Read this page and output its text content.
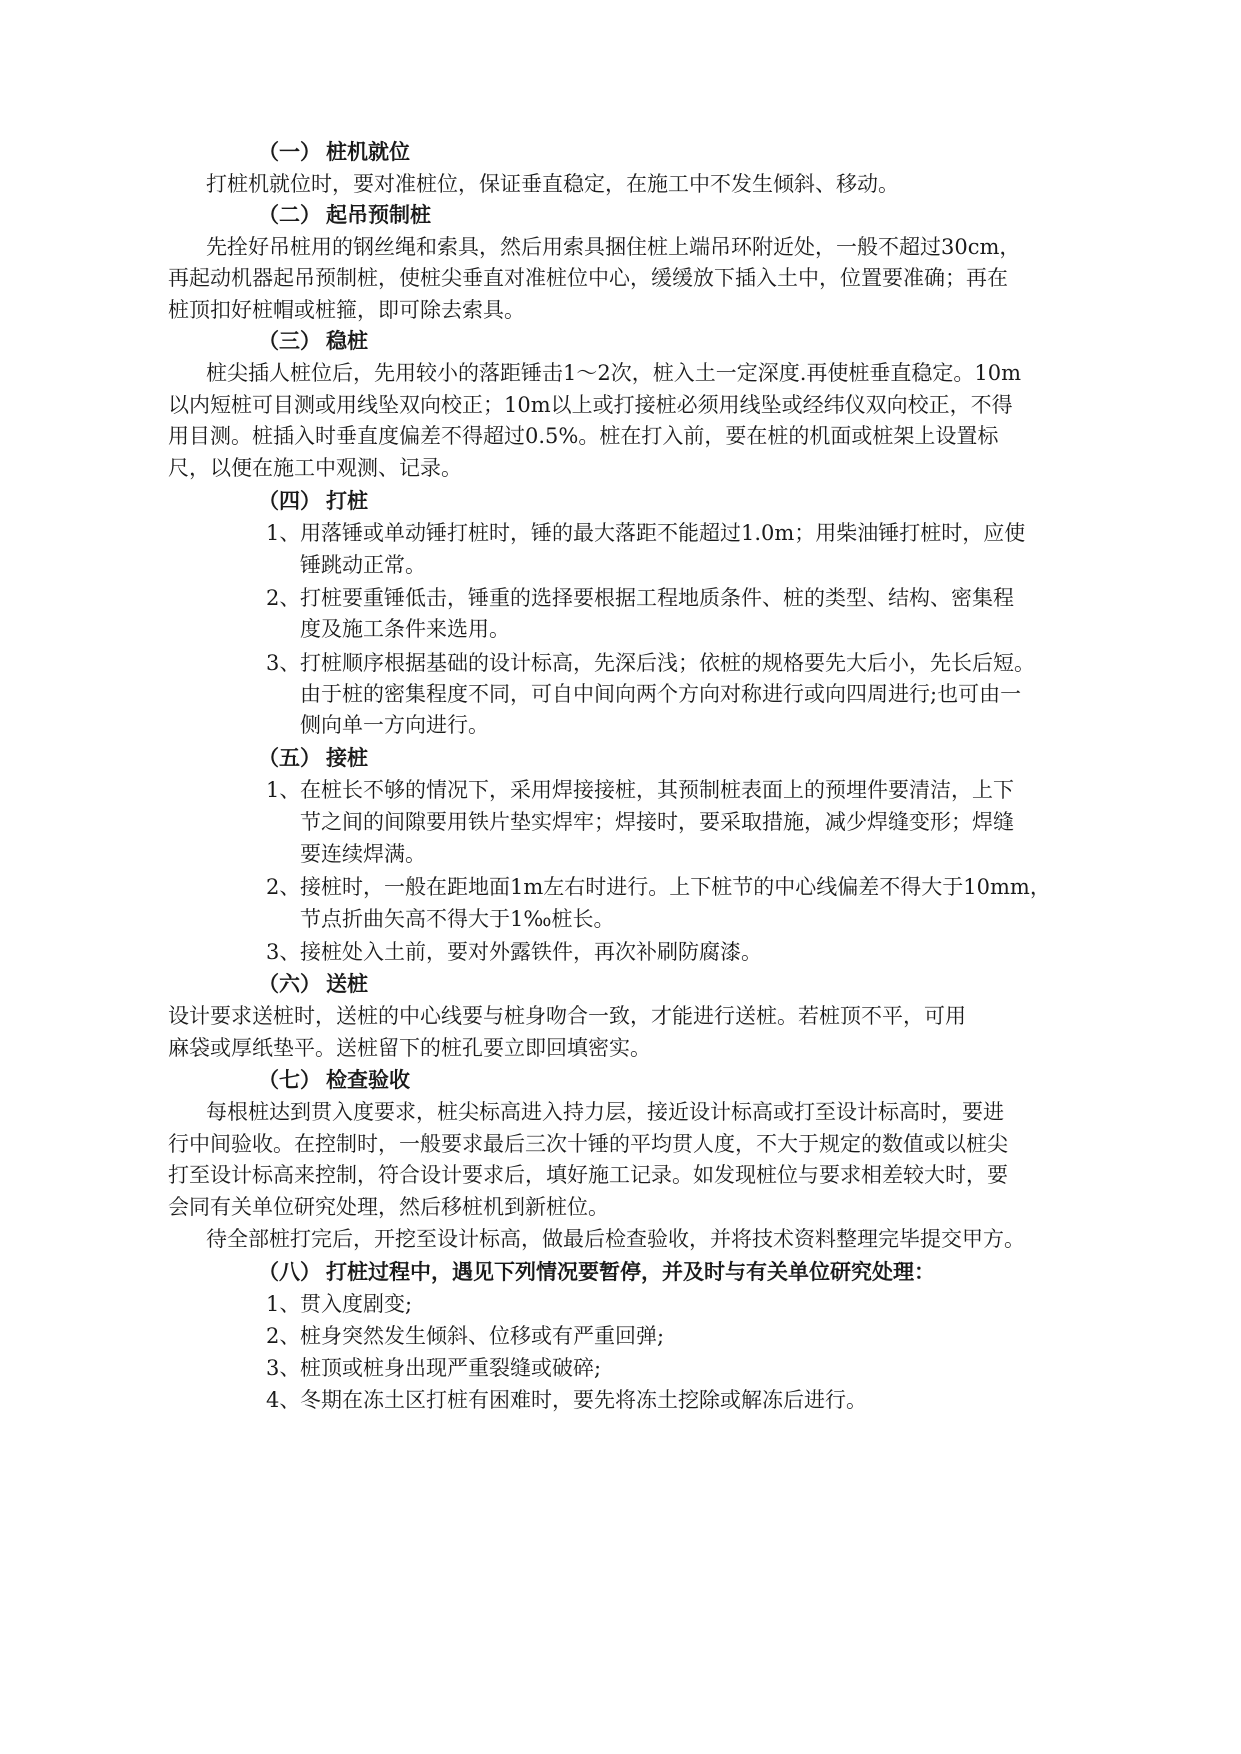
（一） 桩机就位
打桩机就位时，要对准桩位，保证垂直稳定，在施工中不发生倾斜、移动。
（二） 起吊预制桩
先拴好吊桩用的钢丝绳和索具，然后用索具捆住桩上端吊环附近处，一般不超过30cm，
再起动机器起吊预制桩，使桩尖垂直对准桩位中心，缓缓放下插入土中，位置要准确；再在
桩顶扣好桩帽或桩箍，即可除去索具。
（三） 稳桩
桩尖插人桩位后，先用较小的落距锤击1～2次，桩入土一定深度.再使桩垂直稳定。10m
以内短桩可目测或用线坠双向校正；10m以上或打接桩必须用线坠或经纬仪双向校正，不得
用目测。桩插入时垂直度偏差不得超过0.5%。桩在打入前，要在桩的机面或桩架上设置标
尺，以便在施工中观测、记录。
（四） 打桩
1、 用落锤或单动锤打桩时，锤的最大落距不能超过1.0m；用柴油锤打桩时，应使
锤跳动正常。
2、 打桩要重锤低击，锤重的选择要根据工程地质条件、桩的类型、结构、密集程
度及施工条件来选用。
3、 打桩顺序根据基础的设计标高，先深后浅；依桩的规格要先大后小，先长后短。
由于桩的密集程度不同，可自中间向两个方向对称进行或向四周进行;也可由一
侧向单一方向进行。
（五） 接桩
1、 在桩长不够的情况下，采用焊接接桩，其预制桩表面上的预埋件要清洁，上下
节之间的间隙要用铁片垫实焊牢；焊接时，要采取措施，减少焊缝变形；焊缝
要连续焊满。
2、 接桩时，一般在距地面1m左右时进行。上下桩节的中心线偏差不得大于10mm，
节点折曲矢高不得大于1‰桩长。
3、 接桩处入土前，要对外露铁件，再次补刷防腐漆。
（六） 送桩
设计要求送桩时，送桩的中心线要与桩身吻合一致，才能进行送桩。若桩顶不平，可用
麻袋或厚纸垫平。送桩留下的桩孔要立即回填密实。
（七） 检查验收
每根桩达到贯入度要求，桩尖标高进入持力层，接近设计标高或打至设计标高时，要进
行中间验收。在控制时，一般要求最后三次十锤的平均贯人度，不大于规定的数值或以桩尖
打至设计标高来控制，符合设计要求后，填好施工记录。如发现桩位与要求相差较大时，要
会同有关单位研究处理，然后移桩机到新桩位。
待全部桩打完后，开挖至设计标高，做最后检查验收，并将技术资料整理完毕提交甲方。
（八） 打桩过程中，遇见下列情况要暂停，并及时与有关单位研究处理：
1、 贯入度剧变;
2、 桩身突然发生倾斜、位移或有严重回弹;
3、 桩顶或桩身出现严重裂缝或破碎;
4、 冬期在冻土区打桩有困难时，要先将冻土挖除或解冻后进行。
